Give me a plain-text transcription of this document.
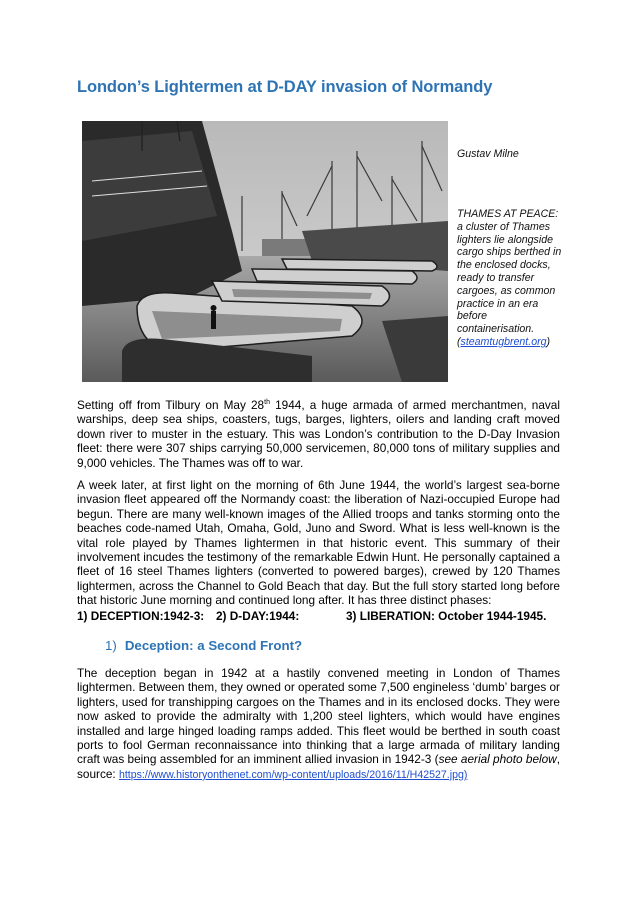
London’s Lightermen at D-DAY invasion of Normandy
Gustav Milne
THAMES AT PEACE: a cluster of Thames lighters lie alongside cargo ships berthed in the enclosed docks, ready to transfer cargoes, as common practice in an era before containerisation. (steamtugbrent.org)
Setting off from Tilbury on May 28th 1944, a huge armada of armed merchantmen, naval warships, deep sea ships, coasters, tugs, barges, lighters, oilers and landing craft moved down river to muster in the estuary. This was London’s contribution to the D-Day Invasion fleet: there were 307 ships carrying 50,000 servicemen, 80,000 tons of military supplies and 9,000 vehicles. The Thames was off to war.
A week later, at first light on the morning of 6th June 1944, the world’s largest sea-borne invasion fleet appeared off the Normandy coast: the liberation of Nazi-occupied Europe had begun. There are many well-known images of the Allied troops and tanks storming onto the beaches code-named Utah, Omaha, Gold, Juno and Sword. What is less well-known is the vital role played by Thames lightermen in that historic event. This summary of their involvement incudes the testimony of the remarkable Edwin Hunt. He personally captained a fleet of 16 steel Thames lighters (converted to powered barges), crewed by 120 Thames lightermen, across the Channel to Gold Beach that day. But the full story started long before that historic June morning and continued long after. It has three distinct phases:
1) DECEPTION:1942-3: 2) D-DAY:1944:	3) LIBERATION: October 1944-1945.
1) Deception: a Second Front?
The deception began in 1942 at a hastily convened meeting in London of Thames lightermen. Between them, they owned or operated some 7,500 engineless ‘dumb’ barges or lighters, used for transhipping cargoes on the Thames and in its enclosed docks. They were now asked to provide the admiralty with 1,200 steel lighters, which would have engines installed and large hinged loading ramps added. This fleet would be berthed in south coast ports to fool German reconnaissance into thinking that a large armada of military landing craft was being assembled for an imminent allied invasion in 1942-3 (see aerial photo below, source: https://www.historyonthenet.com/wp-content/uploads/2016/11/H42527.jpg)
